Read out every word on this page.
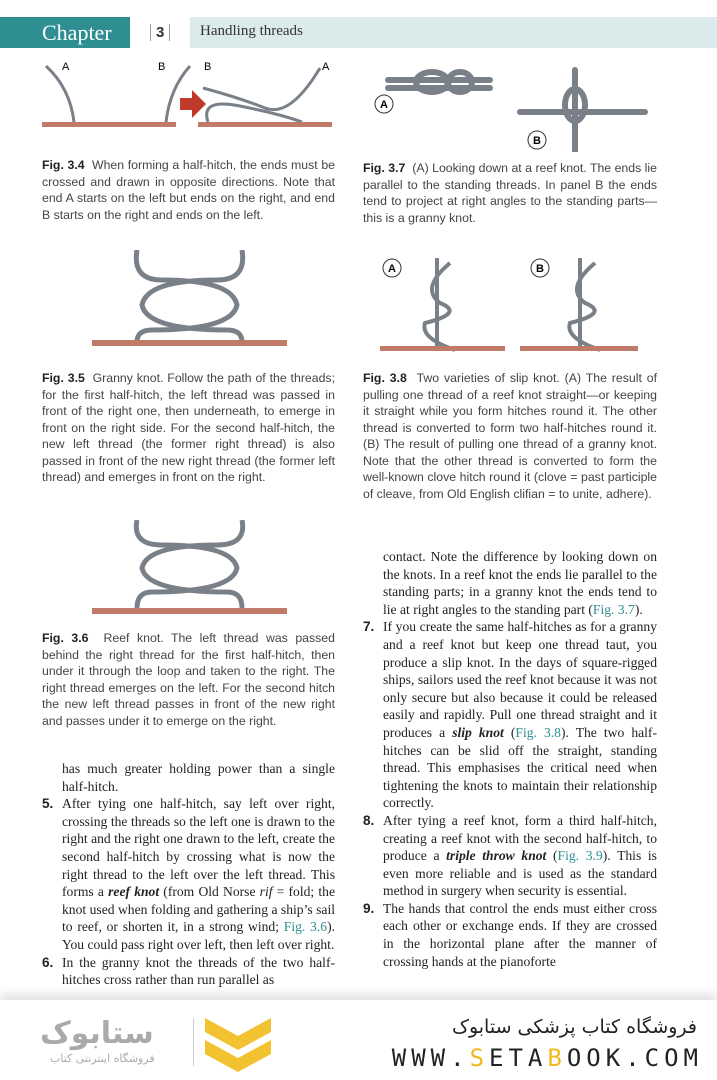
Chapter	3	Handling threads
A	B	B	A
Fig. 3.4 When forming a half-hitch, the ends must be crossed and drawn in opposite directions. Note that end A starts on the left but ends on the right, and end B starts on the right and ends on the left.
A
B
Fig. 3.7 (A) Looking down at a reef knot. The ends lie parallel to the standing threads. In panel B the ends tend to project at right angles to the standing parts—this is a granny knot.
Fig. 3.5 Granny knot. Follow the path of the threads; for the first half-hitch, the left thread was passed in front of the right one, then underneath, to emerge in front on the right side. For the second half-hitch, the new left thread (the former right thread) is also passed in front of the new right thread (the former left thread) and emerges in front on the right.
A	B
Fig. 3.8 Two varieties of slip knot. (A) The result of pulling one thread of a reef knot straight—or keeping it straight while you form hitches round it. The other thread is converted to form two half-hitches round it. (B) The result of pulling one thread of a granny knot. Note that the other thread is converted to form the well-known clove hitch round it (clove = past participle of cleave, from Old English clifian = to unite, adhere).
Fig. 3.6 Reef knot. The left thread was passed behind the right thread for the first half-hitch, then under it through the loop and taken to the right. The right thread emerges on the left. For the second hitch the new left thread passes in front of the new right and passes under it to emerge on the right.

has much greater holding power than a single half-hitch.

5. After tying one half-hitch, say left over right, crossing the threads so the left one is drawn to the right and the right one drawn to the left, create the second half-hitch by crossing what is now the right thread to the left over the left thread. This forms a reef knot (from Old Norse rif = fold; the knot used when folding and gathering a ship’s sail to reef, or shorten it, in a strong wind; Fig. 3.6). You could pass right over left, then left over right.
6. In the granny knot the threads of the two half-hitches cross rather than run parallel as

contact. Note the difference by looking down on the knots. In a reef knot the ends lie parallel to the standing parts; in a granny knot the ends tend to lie at right angles to the standing part (Fig. 3.7).

7. If you create the same half-hitches as for a granny and a reef knot but keep one thread taut, you produce a slip knot. In the days of square-rigged ships, sailors used the reef knot because it was not only secure but also because it could be released easily and rapidly. Pull one thread straight and it produces a slip knot (Fig. 3.8). The two half-hitches can be slid off the straight, standing thread. This emphasises the critical need when tightening the knots to maintain their relationship correctly.
8. After tying a reef knot, form a third half-hitch, creating a reef knot with the second half-hitch, to produce a triple throw knot (Fig. 3.9). This is even more reliable and is used as the standard method in surgery when security is essential.
9. The hands that control the ends must either cross each other or exchange ends. If they are crossed in the horizontal plane after the manner of crossing hands at the pianoforte
ستابوک
فروشگاه اینترنتی کتاب
فروشگاه کتاب پزشکی ستابوک
WWW.SETABOOK.COM
